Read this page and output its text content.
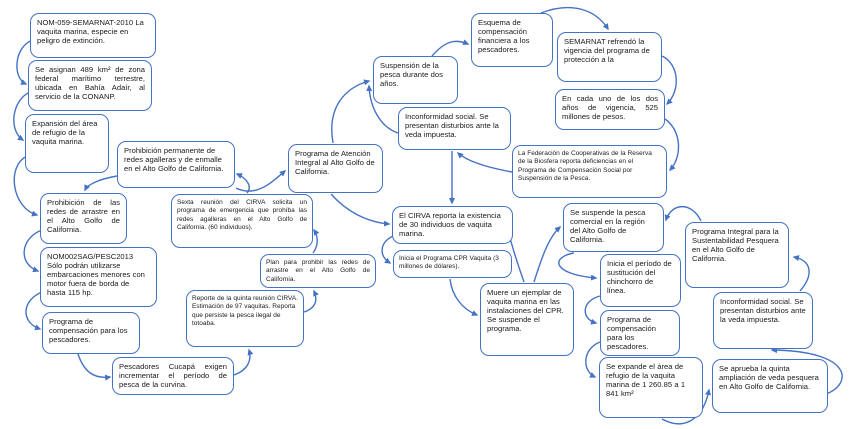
NOM-059-SEMARNAT-2010 La vaquita marina, especie en peligro de extinción.
Se asignan 489 km² de zona federal marítimo terrestre, ubicada en Bahía Adaír, al servicio de la CONANP.
Expansión del área de refugio de la vaquita marina.
Prohibición de las redes de arrastre en el Alto Golfo de California.
NOM002SAG/PESC2013 Sólo podrán utilizarse embarcaciones menores con motor fuera de borda de hasta 115 hp.
Programa de compensación para los pescadores.
Pescadores Cucapá exigen incrementar el período de pesca de la curvina.
Prohibición permanente de redes agalleras y de enmalle en el Alto Golfo de California.
Sexta reunión del CIRVA solicita un programa de emergencia que prohíba las redes agalleras en el Alto Golfo de California. (60 individuos).
Reporte de la quinta reunión CIRVA. Estimación de 97 vaquitas. Reporta que persiste la pesca ilegal de totoaba.
Plan para prohibir las redes de arrastre en el Alto Golfo de California.
Programa de Atención Integral al Alto Golfo de California.
Suspensión de la pesca durante dos años.
Inconformidad social. Se presentan disturbios ante la veda impuesta.
El CIRVA reporta la existencia de 30 individuos de vaquita marina.
Inicia el Programa CPR Vaquita (3 millones de dólares).
Muere un ejemplar de vaquita marina en las instalaciones del CPR. Se suspende el programa.
Esquema de compensación financiera a los pescadores.
SEMARNAT refrendó la vigencia del programa de protección a la
En cada uno de los dos años de vigencia, 525 millones de pesos.
La Federación de Cooperativas de la Reserva de la Biosfera reporta deficiencias en el Programa de Compensación Social por Suspensión de la Pesca.
Se suspende la pesca comercial en la región del Alto Golfo de California.
Programa Integral para la Sustentabilidad Pesquera en el Alto Golfo de California.
Inicia el período de sustitución del chinchorro de línea.
Inconformidad social. Se presentan disturbios ante la veda impuesta.
Programa de compensación para los pescadores.
Se expande el área de refugio de la vaquita marina de 1 260.85 a 1 841 km²
Se aprueba la quinta ampliación de veda pesquera en Alto Golfo de California.
